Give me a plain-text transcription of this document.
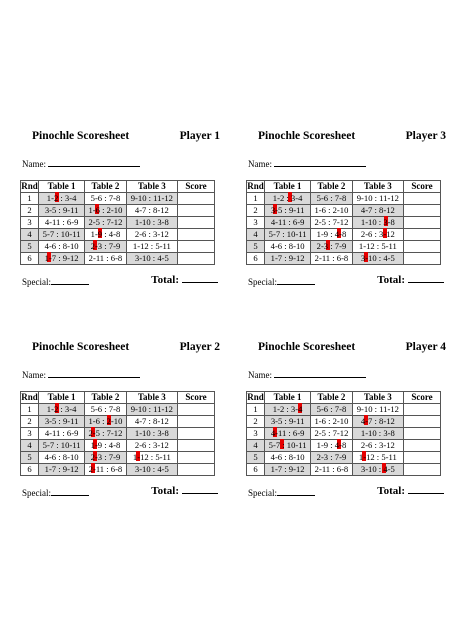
Pinochle Scoresheet	Player 1
Name:
Rnd	Table 1	Table 2	Table 3	Score
1	1-2 : 3-4	5-6 : 7-8	9-10 : 11-12	
2	3-5 : 9-11	1-6 : 2-10	4-7 : 8-12	
3	4-11 : 6-9	2-5 : 7-12	1-10 : 3-8	
4	5-7 : 10-11	1-9 : 4-8	2-6 : 3-12	
5	4-6 : 8-10	2-3 : 7-9	1-12 : 5-11	
6	1-7 : 9-12	2-11 : 6-8	3-10 : 4-5	
Special:	Total:
Pinochle Scoresheet	Player 3
Name:
Rnd	Table 1	Table 2	Table 3	Score
1	1-2 : 3-4	5-6 : 7-8	9-10 : 11-12	
2	3-5 : 9-11	1-6 : 2-10	4-7 : 8-12	
3	4-11 : 6-9	2-5 : 7-12	1-10 : 3-8	
4	5-7 : 10-11	1-9 : 4-8	2-6 : 3-12	
5	4-6 : 8-10	2-3 : 7-9	1-12 : 5-11	
6	1-7 : 9-12	2-11 : 6-8	3-10 : 4-5	
Special:	Total:
Pinochle Scoresheet	Player 2
Name:
Rnd	Table 1	Table 2	Table 3	Score
1	1-2 : 3-4	5-6 : 7-8	9-10 : 11-12	
2	3-5 : 9-11	1-6 : 2-10	4-7 : 8-12	
3	4-11 : 6-9	2-5 : 7-12	1-10 : 3-8	
4	5-7 : 10-11	1-9 : 4-8	2-6 : 3-12	
5	4-6 : 8-10	2-3 : 7-9	1-12 : 5-11	
6	1-7 : 9-12	2-11 : 6-8	3-10 : 4-5	
Special:	Total:
Pinochle Scoresheet	Player 4
Name:
Rnd	Table 1	Table 2	Table 3	Score
1	1-2 : 3-4	5-6 : 7-8	9-10 : 11-12	
2	3-5 : 9-11	1-6 : 2-10	4-7 : 8-12	
3	4-11 : 6-9	2-5 : 7-12	1-10 : 3-8	
4	5-7 : 10-11	1-9 : 4-8	2-6 : 3-12	
5	4-6 : 8-10	2-3 : 7-9	1-12 : 5-11	
6	1-7 : 9-12	2-11 : 6-8	3-10 : 4-5	
Special:	Total:
